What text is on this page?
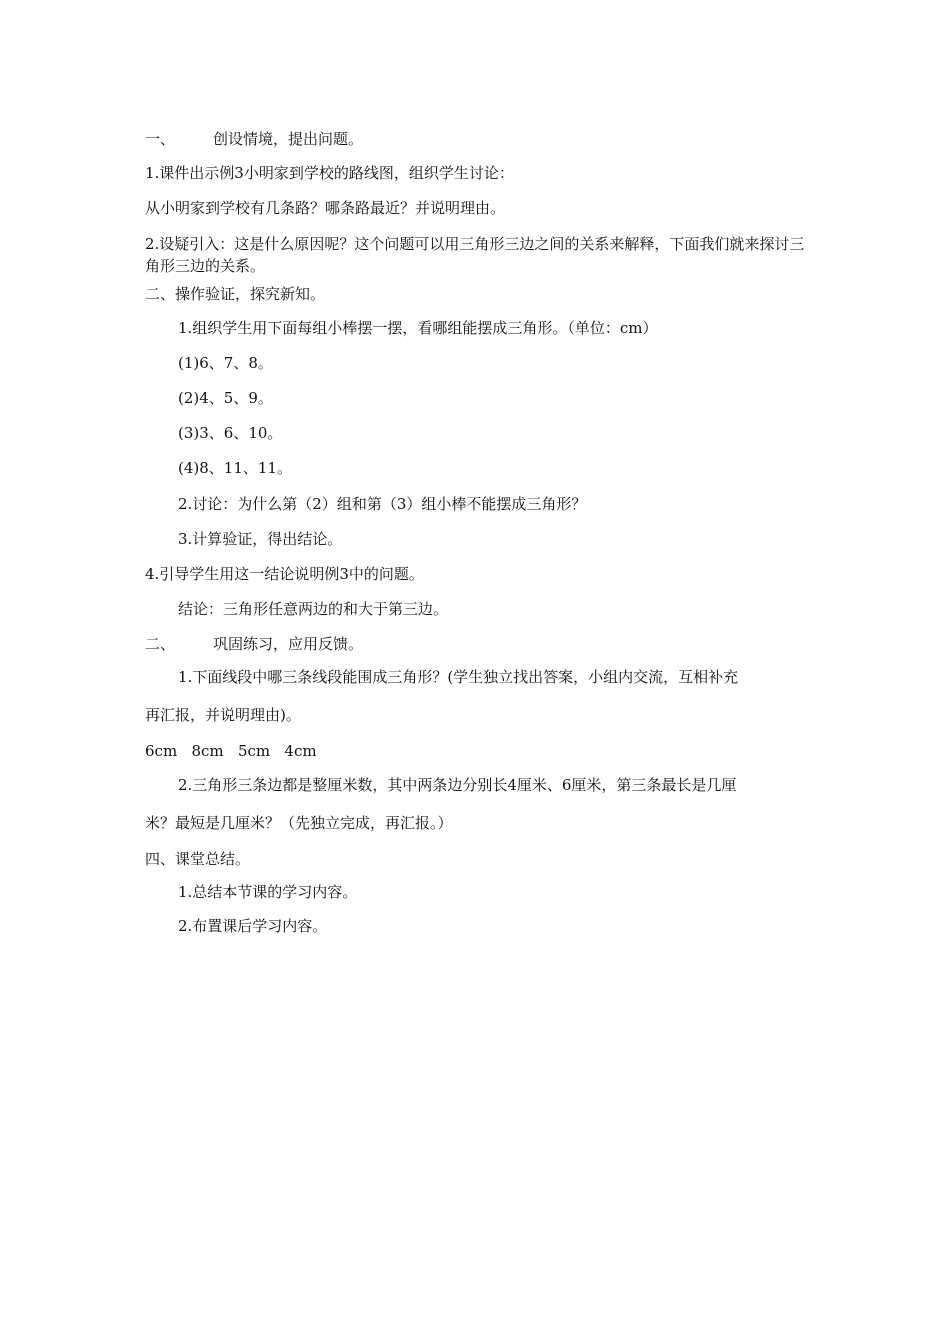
一、	创设情境，提出问题。
1.课件出示例3小明家到学校的路线图，组织学生讨论：
从小明家到学校有几条路？哪条路最近？并说明理由。
2.设疑引入：这是什么原因呢？这个问题可以用三角形三边之间的关系来解释，下面我们就来探讨三角形三边的关系。
二、操作验证，探究新知。
1.组织学生用下面每组小棒摆一摆，看哪组能摆成三角形。（单位：cm）
(1)6、7、8。
(2)4、5、9。
(3)3、6、10。
(4)8、11、11。
2.讨论：为什么第（2）组和第（3）组小棒不能摆成三角形？
3.计算验证，得出结论。
4.引导学生用这一结论说明例3中的问题。
结论：三角形任意两边的和大于第三边。
二、	巩固练习，应用反馈。
1.下面线段中哪三条线段能围成三角形？(学生独立找出答案，小组内交流，互相补充
再汇报，并说明理由)。
6cm   8cm   5cm   4cm
2.三角形三条边都是整厘米数，其中两条边分别长4厘米、6厘米，第三条最长是几厘
米？最短是几厘米？（先独立完成，再汇报。）
四、课堂总结。
1.总结本节课的学习内容。
2.布置课后学习内容。
